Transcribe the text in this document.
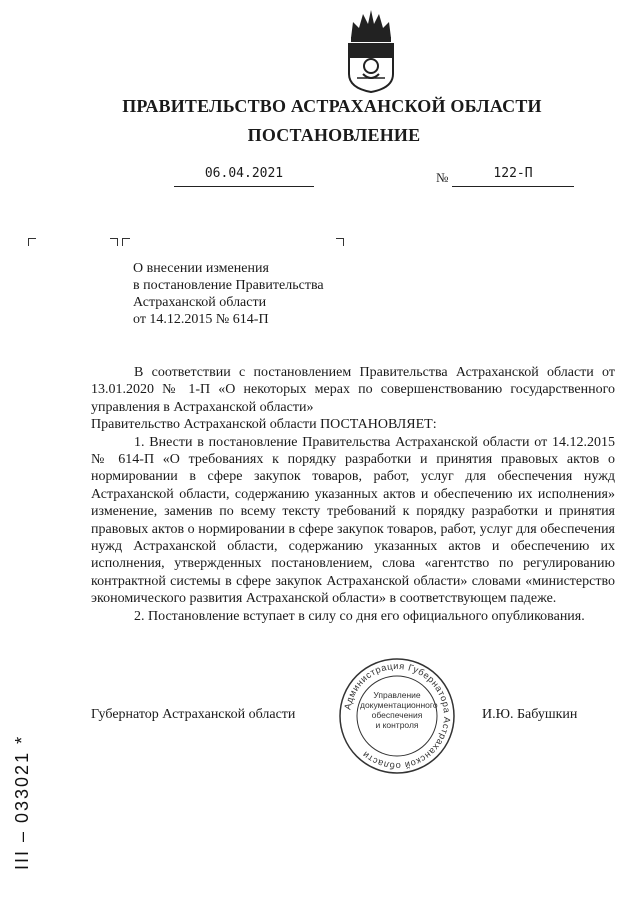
ПРАВИТЕЛЬСТВО АСТРАХАНСКОЙ ОБЛАСТИ
ПОСТАНОВЛЕНИЕ
06.04.2021	№	122-П
О внесении изменения
в постановление Правительства
Астраханской области
от 14.12.2015 № 614-П

В соответствии с постановлением Правительства Астраханской области от 13.01.2020 № 1-П «О некоторых мерах по совершенствованию государственного управления в Астраханской области»

Правительство Астраханской области ПОСТАНОВЛЯЕТ:

1. Внести в постановление Правительства Астраханской области от 14.12.2015 № 614-П «О требованиях к порядку разработки и принятия правовых актов о нормировании в сфере закупок товаров, работ, услуг для обеспечения нужд Астраханской области, содержанию указанных актов и обеспечению их исполнения» изменение, заменив по всему тексту требований к порядку разработки и принятия правовых актов о нормировании в сфере закупок товаров, работ, услуг для обеспечения нужд Астраханской области, содержанию указанных актов и обеспечению их исполнения, утвержденных постановлением, слова «агентство по регулированию контрактной системы в сфере закупок Астраханской области» словами «министерство экономического развития Астраханской области» в соответствующем падеже.

2. Постановление вступает в силу со дня его официального опубликования.

Губернатор Астраханской области	И.Ю. Бабушкин
Администрация Губернатора Астраханской области
Управление
документационного
обеспечения
и контроля
III – 033021 *
